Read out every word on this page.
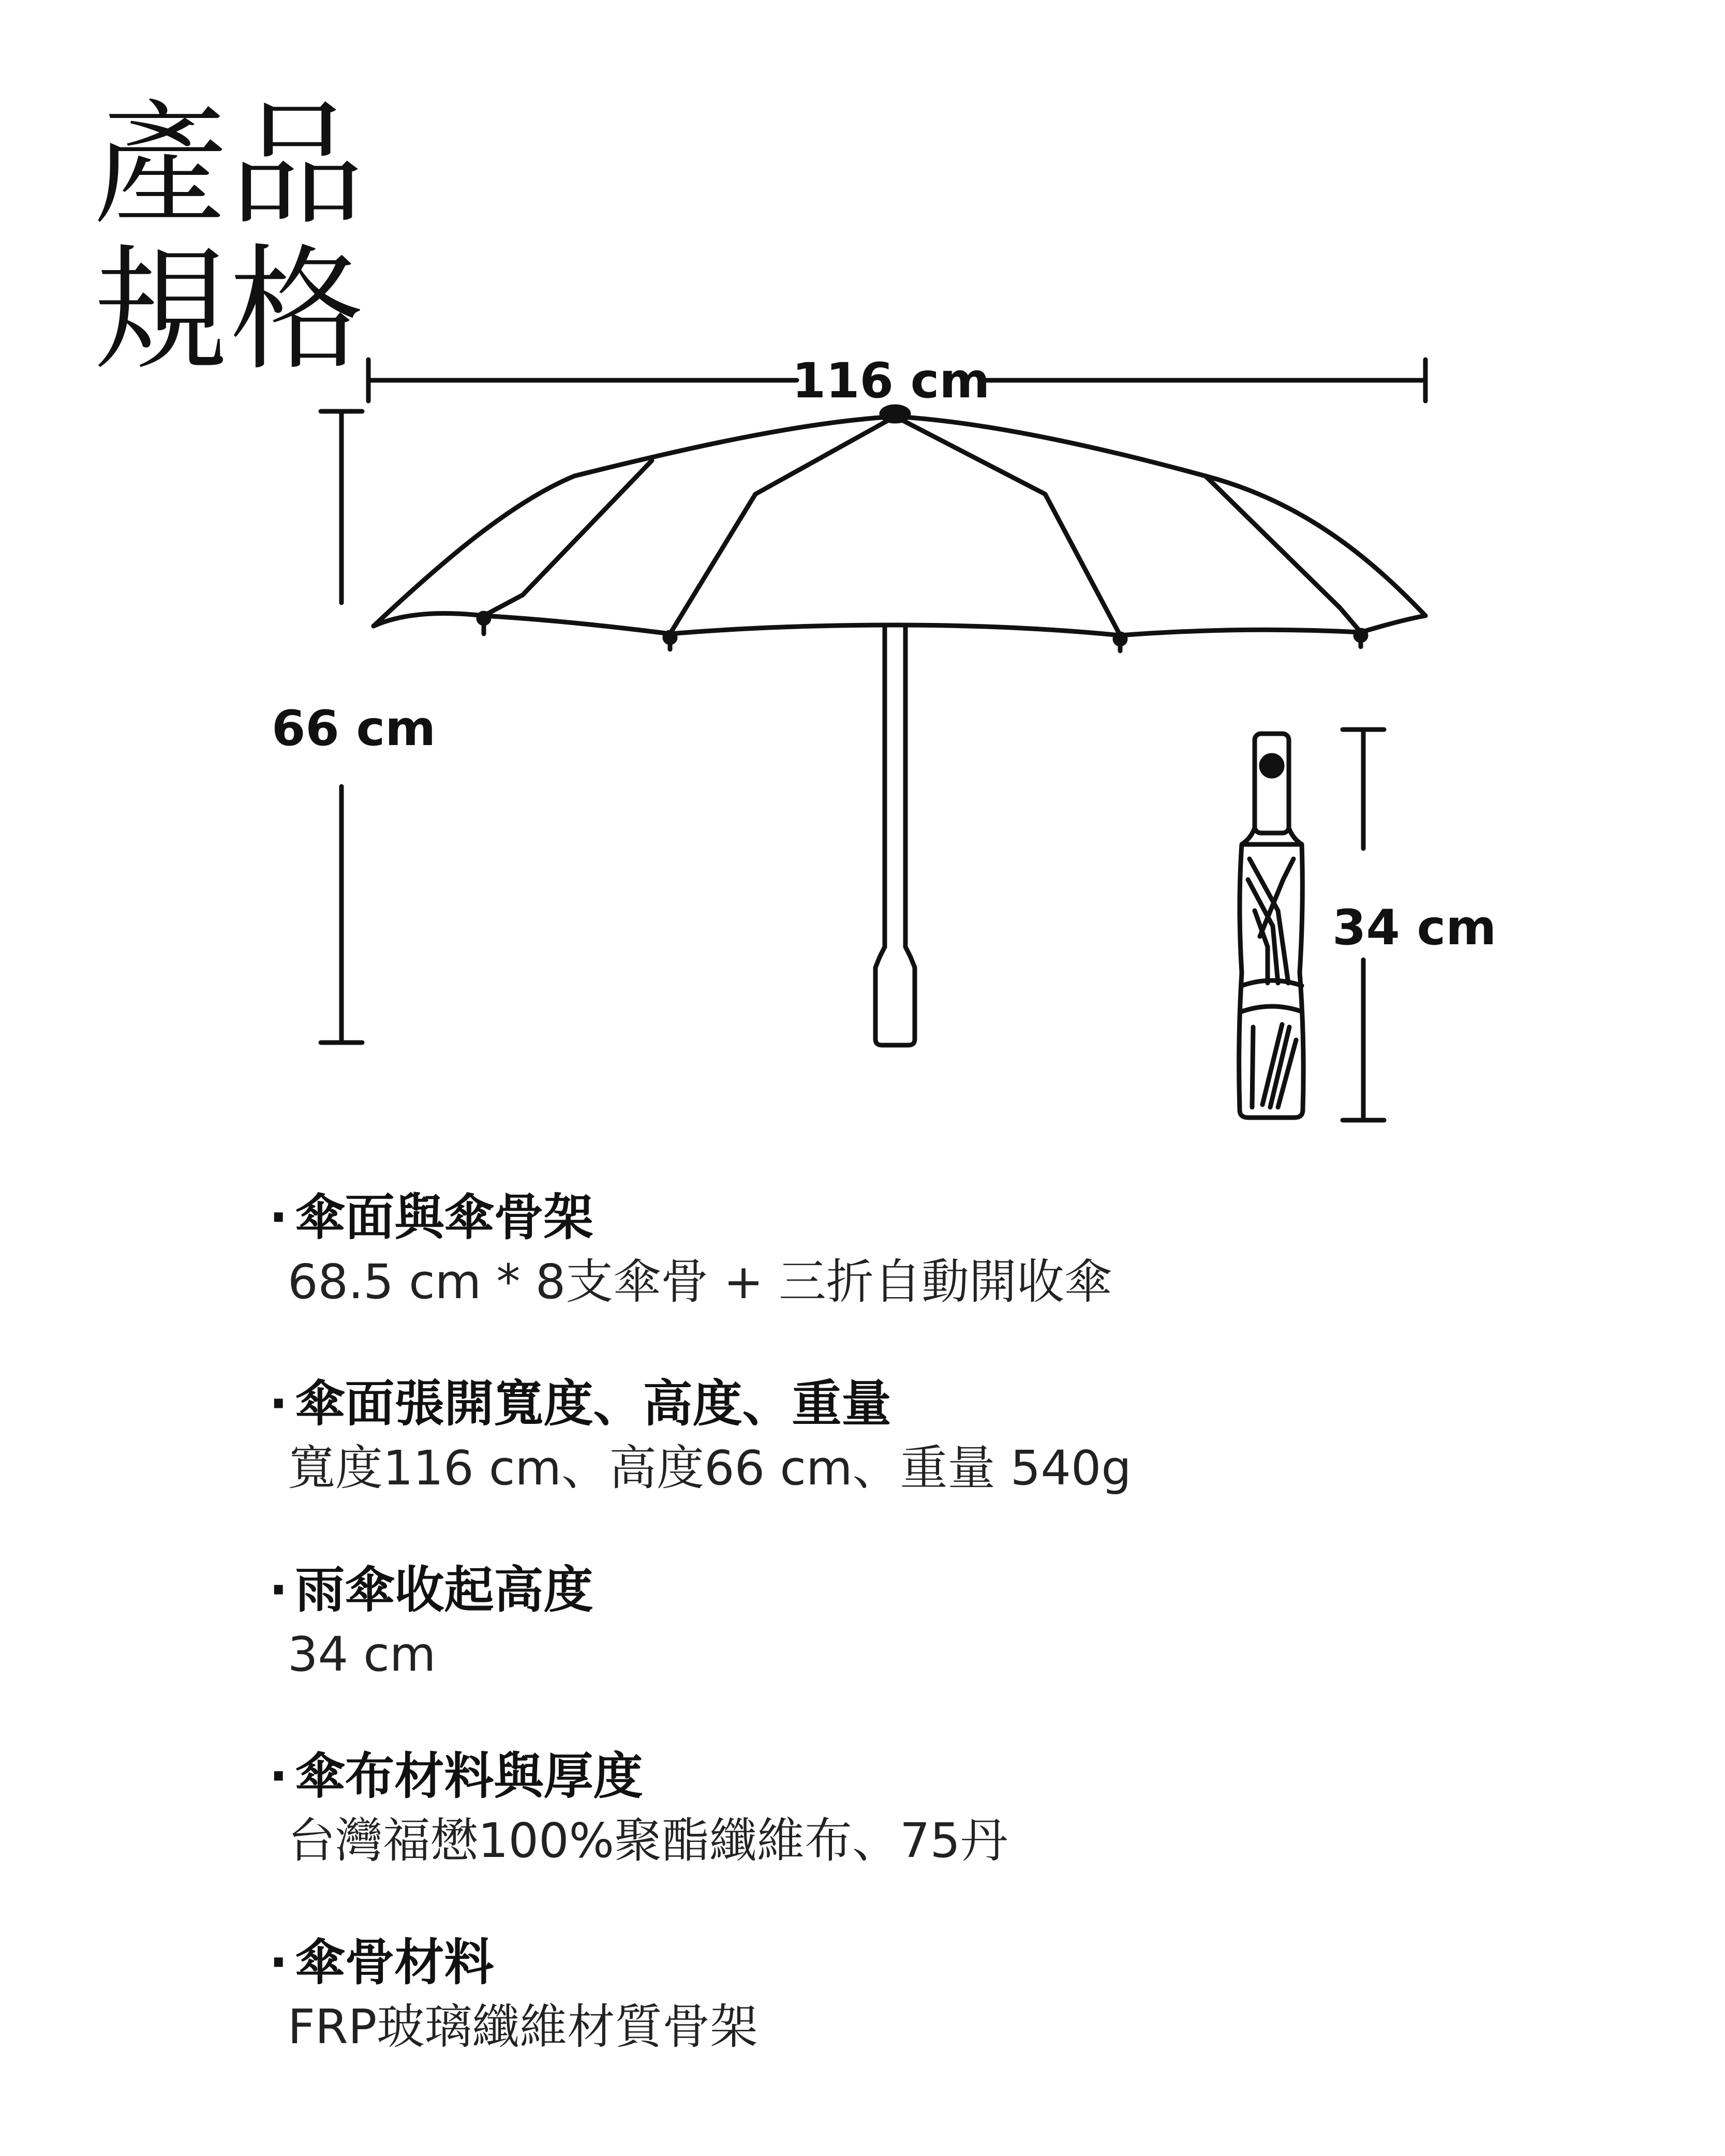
產品
規格	116 cm
66 cm
34 cm
· 傘面與傘骨架
68.5 cm * 8支傘骨 + 三折自動開收傘
· 傘面張開寬度、高度、重量
寬度116 cm、高度66 cm、重量 540g
· 雨傘收起高度
34 cm
· 傘布材料與厚度
台灣福懋100%聚酯纖維布、75丹
· 傘骨材料
FRP玻璃纖維材質骨架
